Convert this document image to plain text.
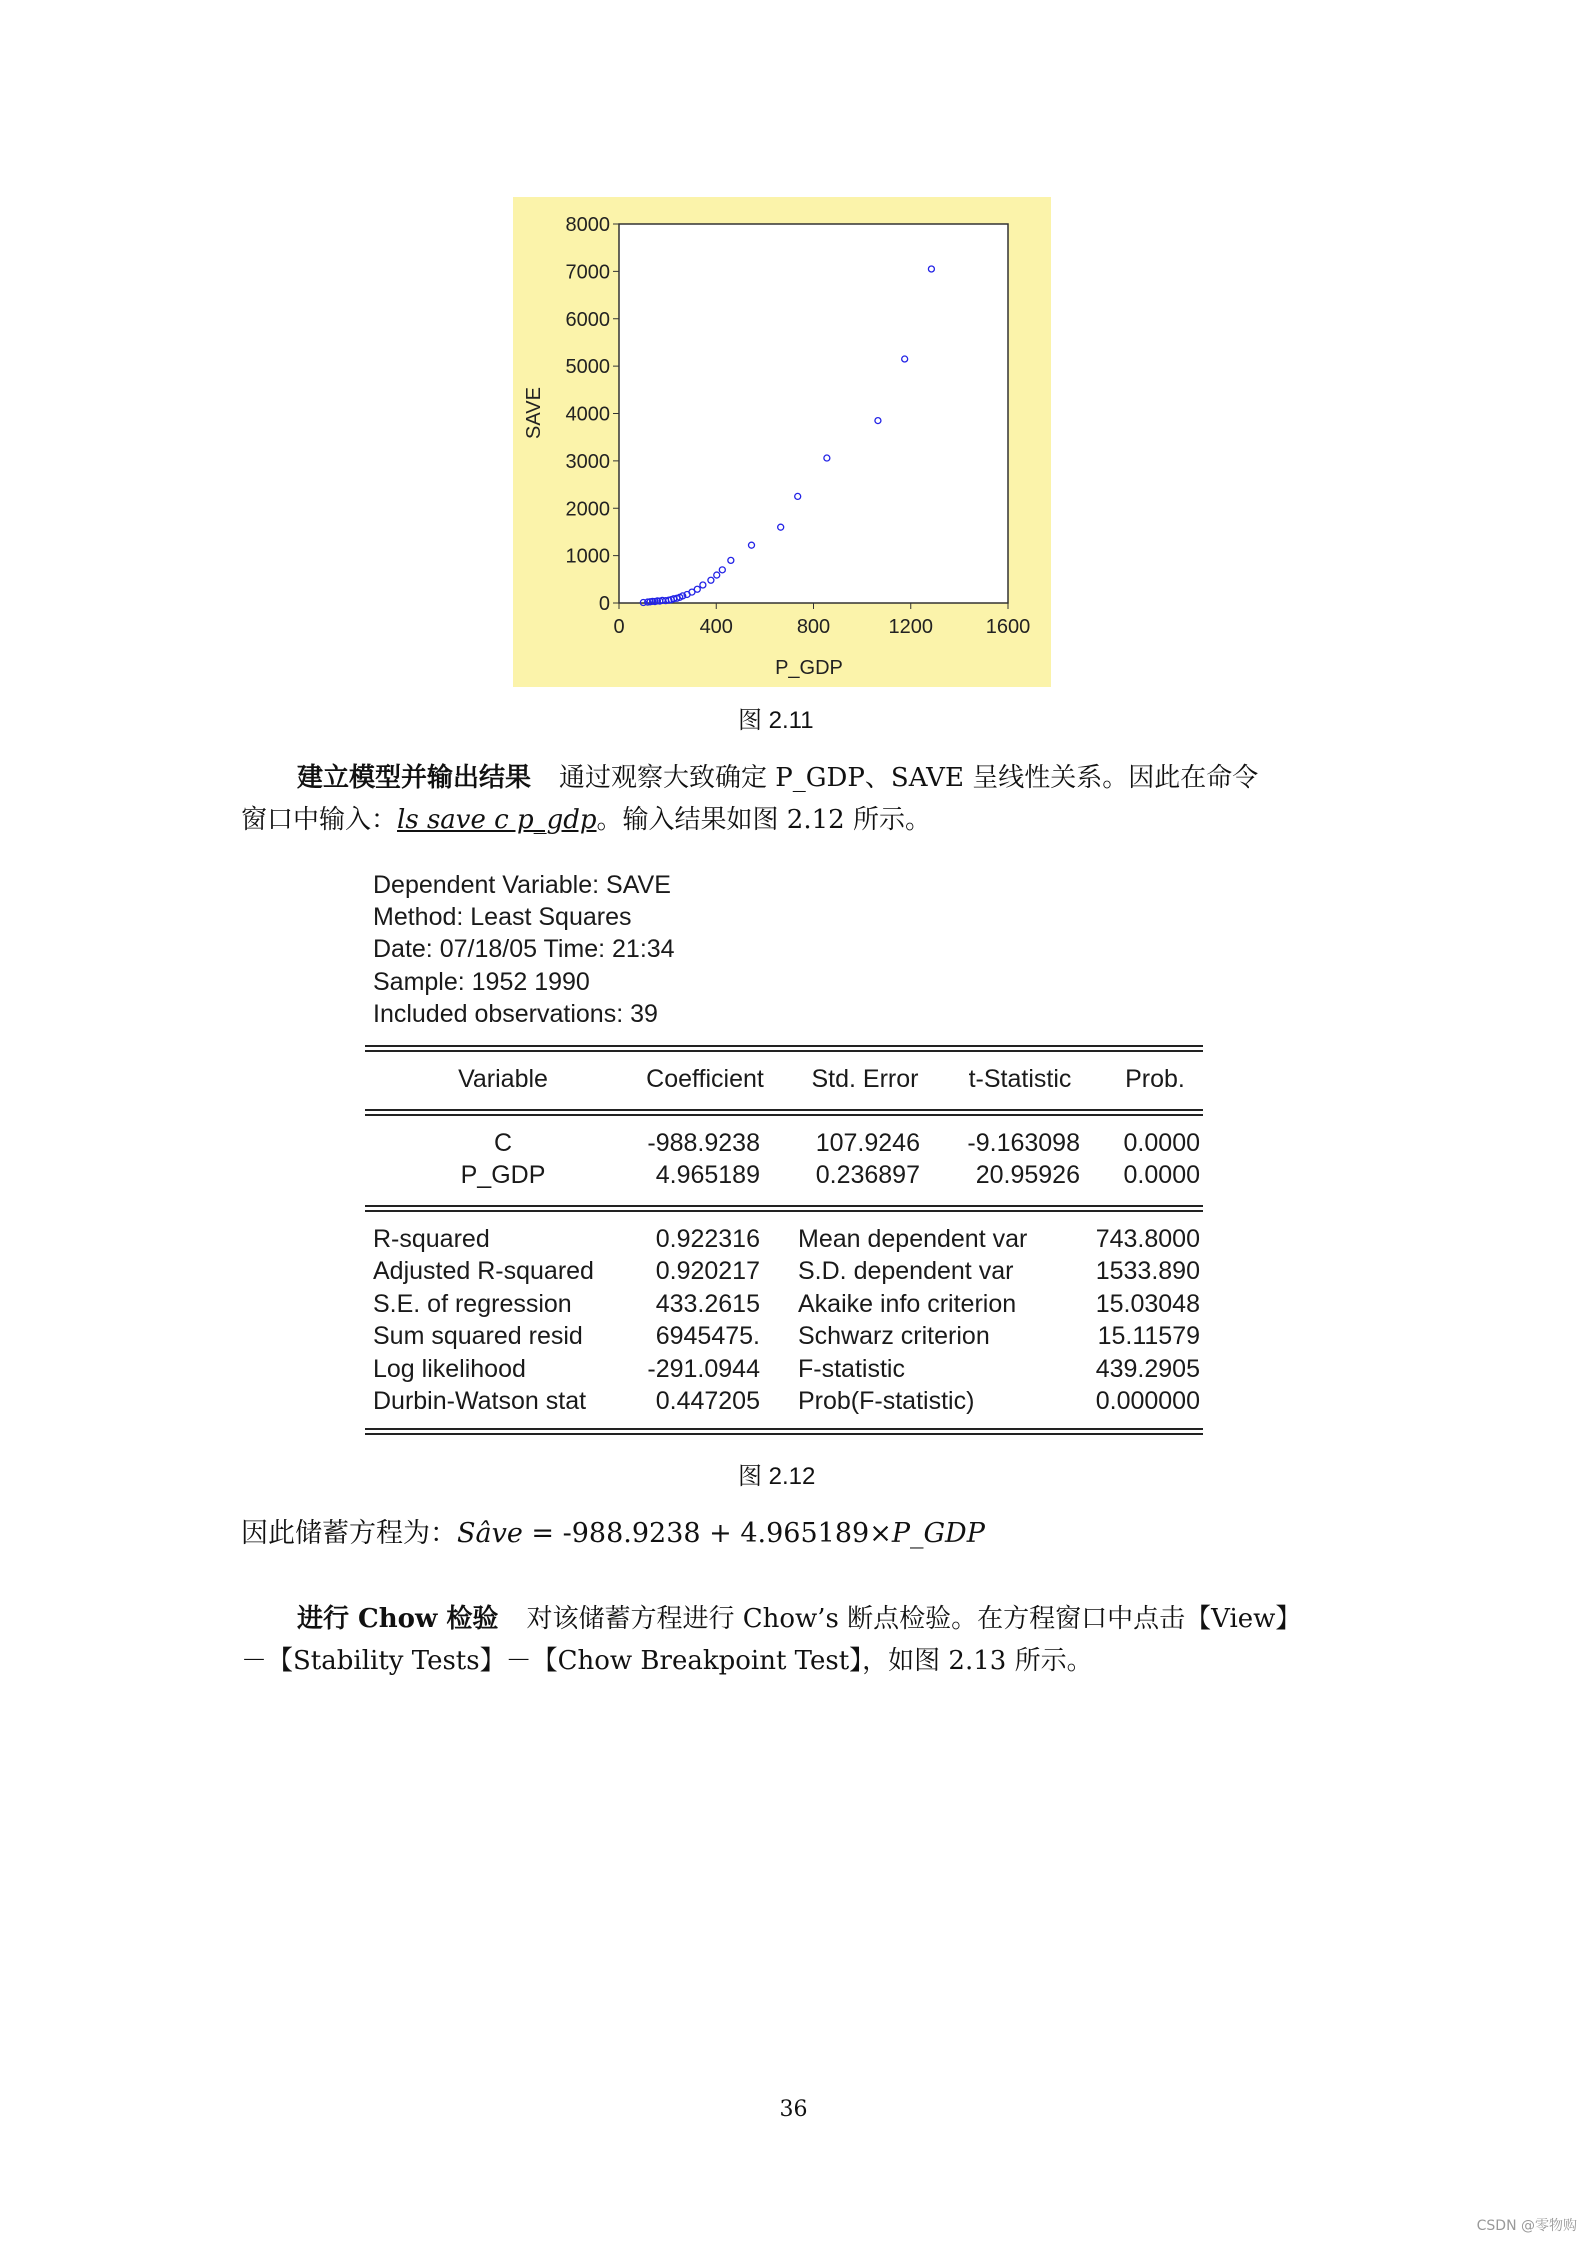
0
1000
2000
3000
4000
5000
6000
7000
8000
0	400	800	1200	1600
P_GDP
SAVE
图 2.11
建立模型并输出结果 通过观察大致确定 P_GDP、SAVE 呈线性关系。因此在命令
窗口中输入：ls save c p_gdp。输入结果如图 2.12 所示。
Dependent Variable: SAVE
Method: Least Squares
Date: 07/18/05 Time: 21:34
Sample: 1952 1990
Included observations: 39
Variable	Coefficient	Std. Error	t-Statistic	Prob.
C	-988.9238	107.9246	-9.163098	0.0000
P_GDP	4.965189	0.236897	20.95926	0.0000
R-squared	0.922316 Mean dependent var	743.8000
Adjusted R-squared	0.920217 S.D. dependent var	1533.890
S.E. of regression	433.2615 Akaike info criterion	15.03048
Sum squared resid	6945475. Schwarz criterion	15.11579
Log likelihood	-291.0944 F-statistic	439.2905
Durbin-Watson stat	0.447205 Prob(F-statistic)	0.000000
图 2.12
因此储蓄方程为：Sâve = -988.9238 + 4.965189×P_GDP
进行 Chow 检验 对该储蓄方程进行 Chow’s 断点检验。在方程窗口中点击【View】
－【Stability Tests】－【Chow Breakpoint Test】，如图 2.13 所示。
36
CSDN @零物购
